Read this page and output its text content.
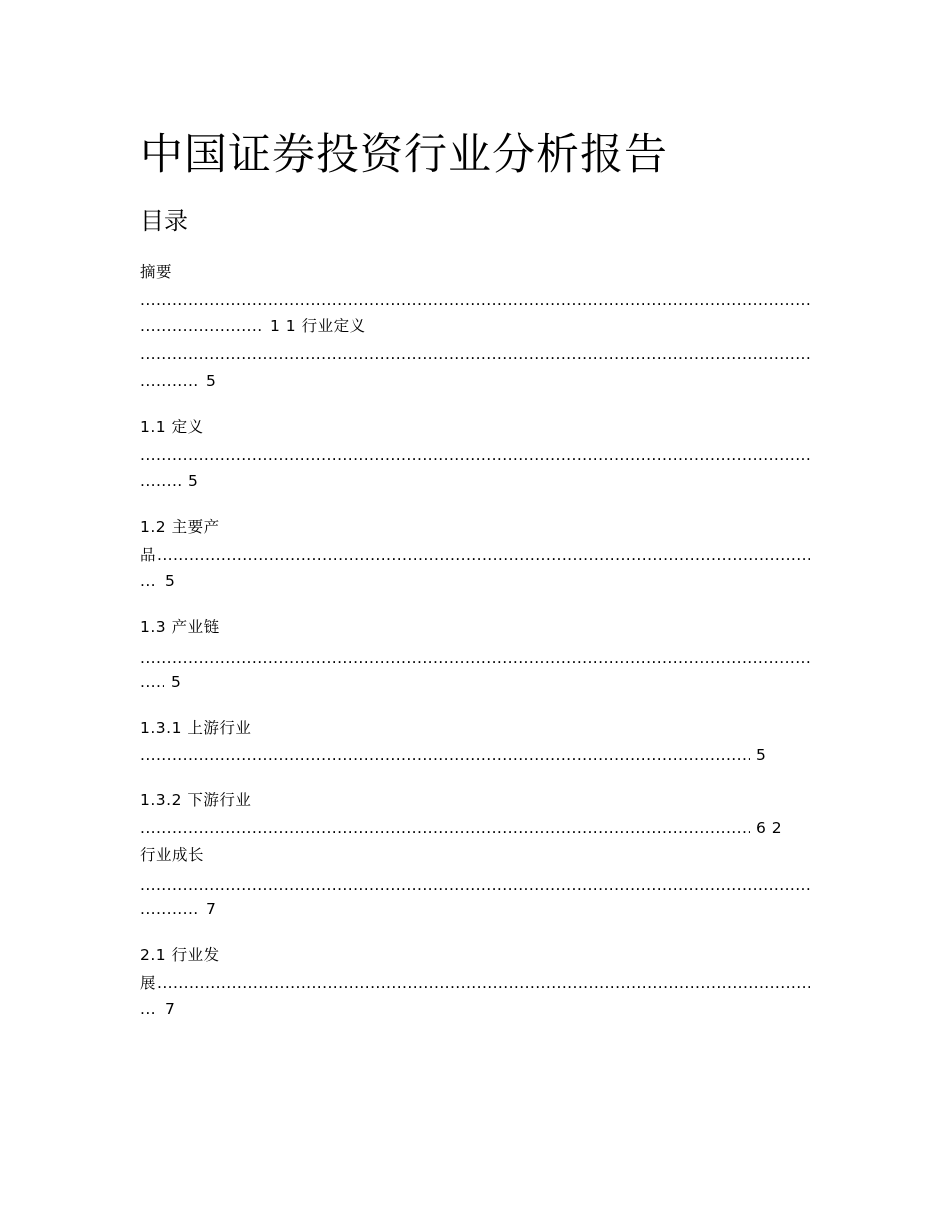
中国证券投资行业分析报告
目录
摘要
.....
.....
1 1 行业定义
.....
.....
5
1.1 定义
.....
.....
5
1.2 主要产
品
.....
.....
5
1.3 产业链
.....
.....
5
1.3.1 上游行业
.....
5
1.3.2 下游行业
.....
6 2
行业成长
.....
.....
7
2.1 行业发
展
.....
.....
7
